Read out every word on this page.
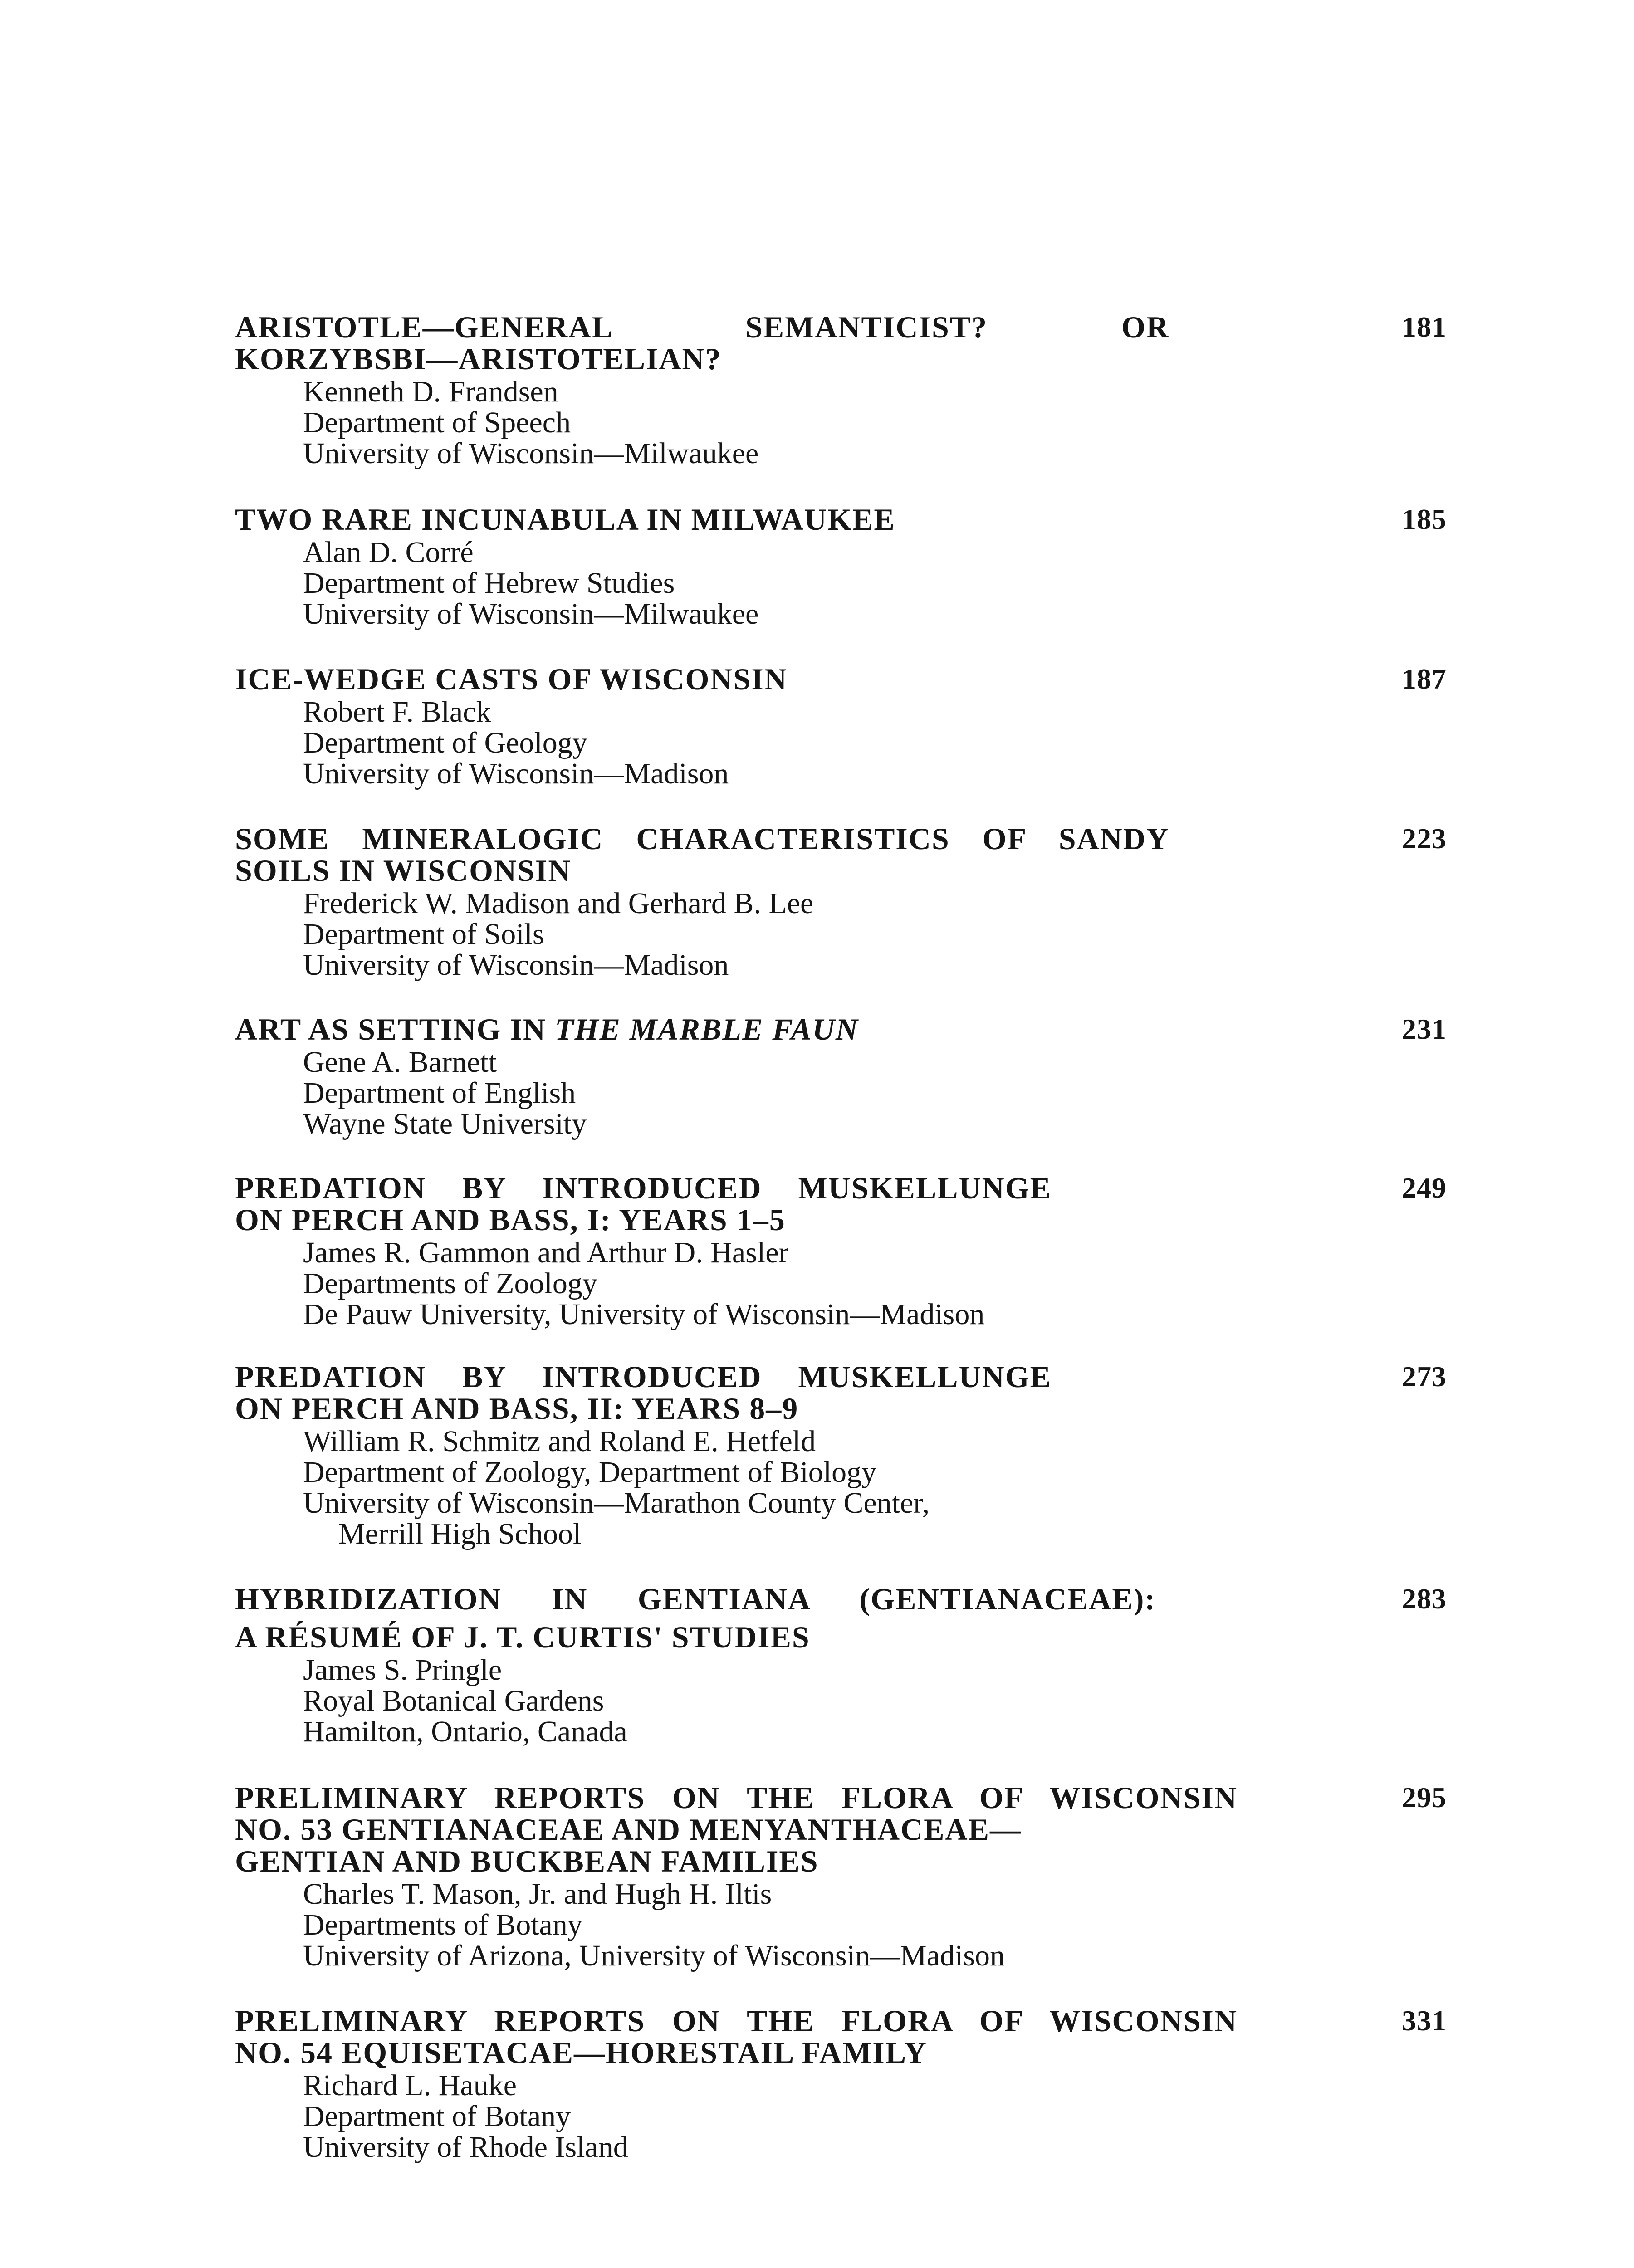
ARISTOTLE—GENERAL SEMANTICIST? OR
KORZYBSBI—ARISTOTELIAN?
Kenneth D. Frandsen
Department of Speech
University of Wisconsin—Milwaukee
181
TWO RARE INCUNABULA IN MILWAUKEE
Alan D. Corré
Department of Hebrew Studies
University of Wisconsin—Milwaukee
185
ICE-WEDGE CASTS OF WISCONSIN
Robert F. Black
Department of Geology
University of Wisconsin—Madison
187
SOME MINERALOGIC CHARACTERISTICS OF SANDY
SOILS IN WISCONSIN
Frederick W. Madison and Gerhard B. Lee
Department of Soils
University of Wisconsin—Madison
223
ART AS SETTING IN THE MARBLE FAUN
Gene A. Barnett
Department of English
Wayne State University
231
PREDATION BY INTRODUCED MUSKELLUNGE
ON PERCH AND BASS, I: YEARS 1–5
James R. Gammon and Arthur D. Hasler
Departments of Zoology
De Pauw University, University of Wisconsin—Madison
249
PREDATION BY INTRODUCED MUSKELLUNGE
ON PERCH AND BASS, II: YEARS 8–9
William R. Schmitz and Roland E. Hetfeld
Department of Zoology, Department of Biology
University of Wisconsin—Marathon County Center,
Merrill High School
273
HYBRIDIZATION IN GENTIANA (GENTIANACEAE):
A RÉSUMÉ OF J. T. CURTIS' STUDIES
James S. Pringle
Royal Botanical Gardens
Hamilton, Ontario, Canada
283
PRELIMINARY REPORTS ON THE FLORA OF WISCONSIN
NO. 53 GENTIANACEAE AND MENYANTHACEAE—
GENTIAN AND BUCKBEAN FAMILIES
Charles T. Mason, Jr. and Hugh H. Iltis
Departments of Botany
University of Arizona, University of Wisconsin—Madison
295
PRELIMINARY REPORTS ON THE FLORA OF WISCONSIN
NO. 54 EQUISETACAE—HORESTAIL FAMILY
Richard L. Hauke
Department of Botany
University of Rhode Island
331
